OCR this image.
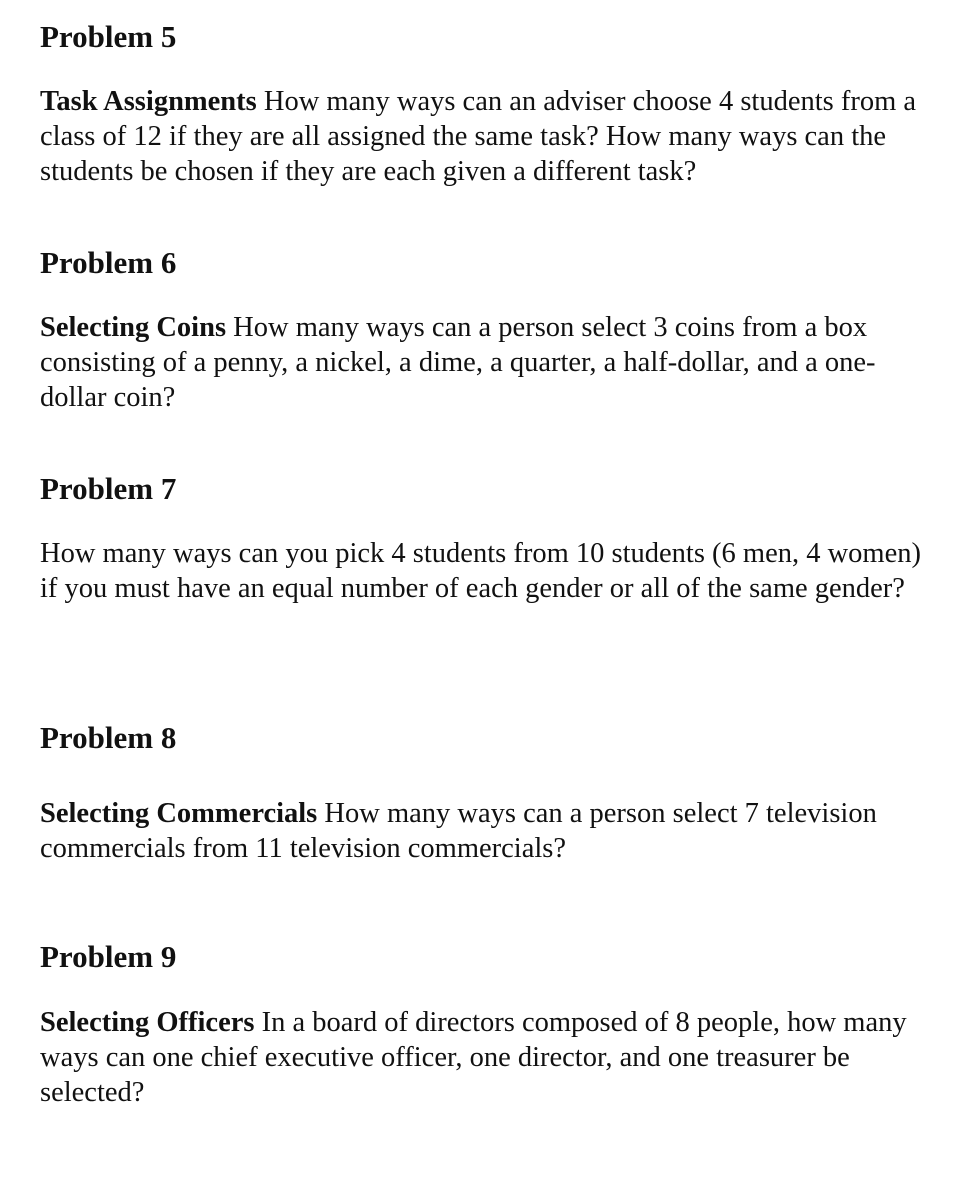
Problem 5

Task Assignments How many ways can an adviser choose 4 students from a class of 12 if they are all assigned the same task? How many ways can the students be chosen if they are each given a different task?

Problem 6

Selecting Coins How many ways can a person select 3 coins from a box consisting of a penny, a nickel, a dime, a quarter, a half-dollar, and a one-dollar coin?

Problem 7

How many ways can you pick 4 students from 10 students (6 men, 4 women) if you must have an equal number of each gender or all of the same gender?

Problem 8

Selecting Commercials How many ways can a person select 7 television commercials from 11 television commercials?

Problem 9

Selecting Officers In a board of directors composed of 8 people, how many ways can one chief executive officer, one director, and one treasurer be selected?
